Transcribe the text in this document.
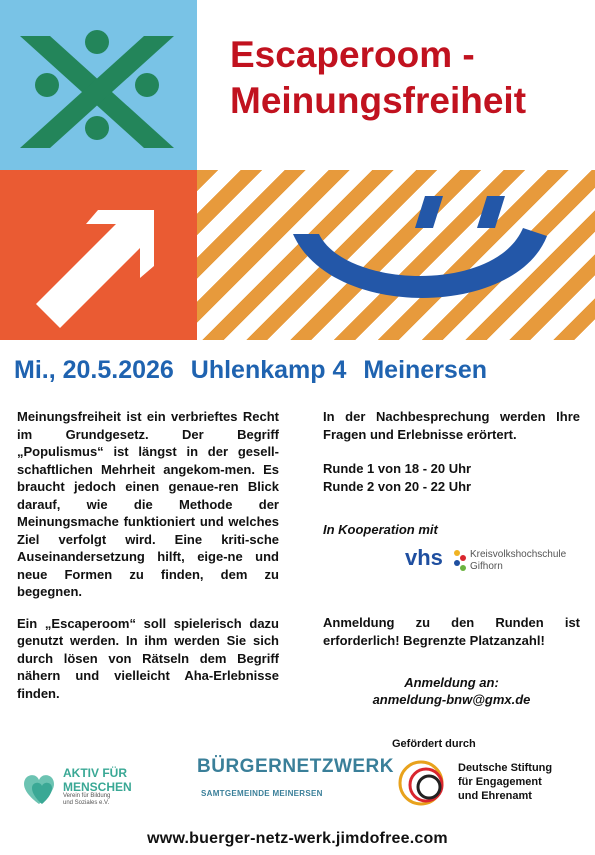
Escaperoom -
Meinungsfreiheit
Mi., 20.5.2026 Uhlenkamp 4 Meinersen

Meinungsfreiheit ist ein verbrieftes Recht im Grundgesetz. Der Begriff „Populismus“ ist längst in der gesell-schaftlichen Mehrheit angekom-men. Es braucht jedoch einen genaue-ren Blick darauf, wie die Methode der Meinungsmache funktioniert und welches Ziel verfolgt wird. Eine kriti-sche Auseinandersetzung hilft, eige-ne und neue Formen zu finden, dem zu begegnen.

Ein „Escaperoom“ soll spielerisch dazu genutzt werden. In ihm werden Sie sich durch lösen von Rätseln dem Begriff nähern und vielleicht Aha-Erlebnisse finden.

In der Nachbesprechung werden Ihre Fragen und Erlebnisse erörtert.

Runde 1 von 18 - 20 Uhr

Runde 2 von 20 - 22 Uhr

In Kooperation mit
vhs	Kreisvolkshochschule
Gifhorn
Anmeldung zu den Runden ist erforderlich! Begrenzte Platzanzahl!
Anmeldung an:
anmeldung-bnw@gmx.de
Gefördert durch
Deutsche Stiftung
für Engagement
und Ehrenamt
AKTIV FÜR
MENSCHEN
Verein für Bildung
und Soziales e.V.
BÜRGERNETZWERK
SAMTGEMEINDE MEINERSEN
www.buerger-netz-werk.jimdofree.com
